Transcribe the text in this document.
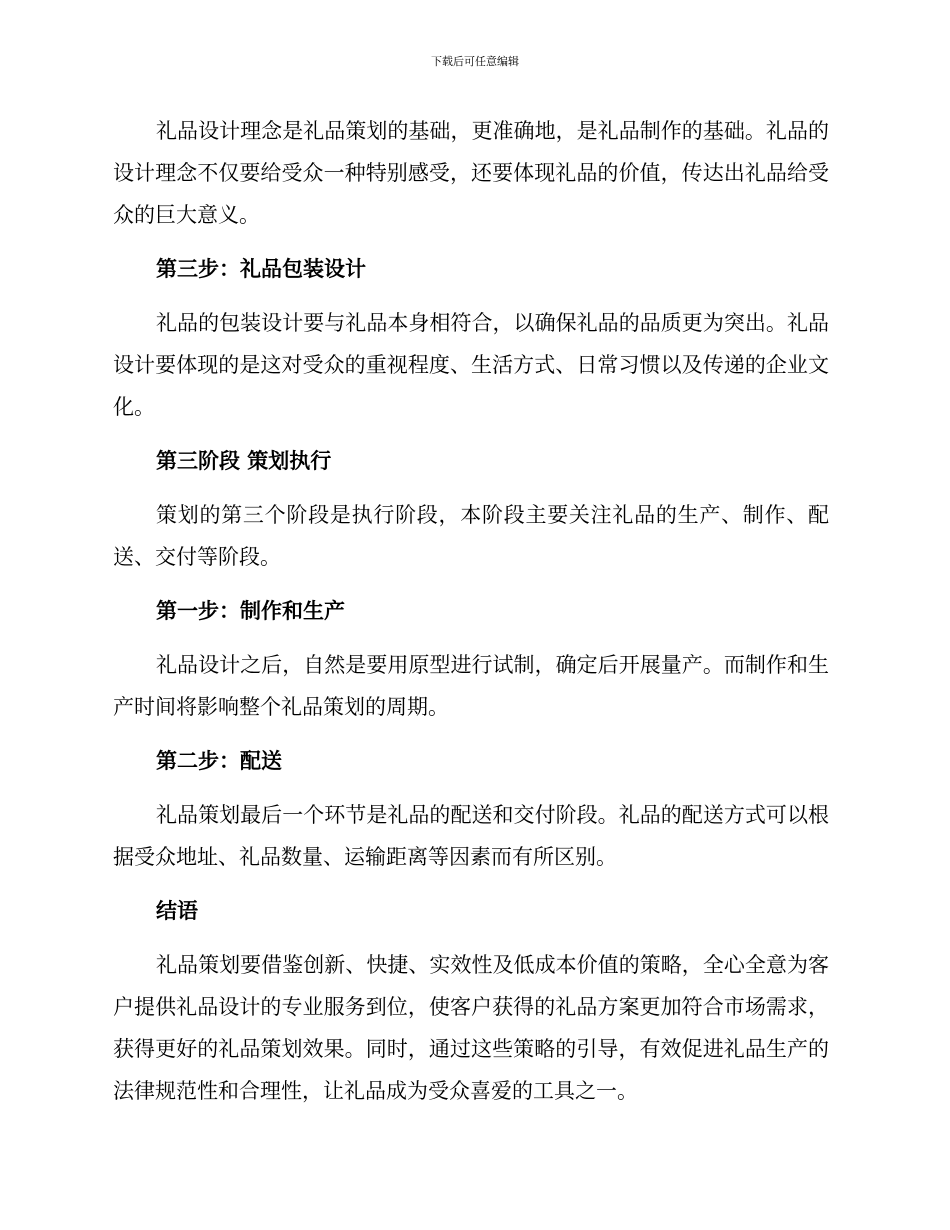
下载后可任意编辑

礼品设计理念是礼品策划的基础，更准确地，是礼品制作的基础。礼品的设计理念不仅要给受众一种特别感受，还要体现礼品的价值，传达出礼品给受众的巨大意义。

第三步：礼品包装设计

礼品的包装设计要与礼品本身相符合，以确保礼品的品质更为突出。礼品设计要体现的是这对受众的重视程度、生活方式、日常习惯以及传递的企业文化。

第三阶段 策划执行

策划的第三个阶段是执行阶段，本阶段主要关注礼品的生产、制作、配送、交付等阶段。

第一步：制作和生产

礼品设计之后，自然是要用原型进行试制，确定后开展量产。而制作和生产时间将影响整个礼品策划的周期。

第二步：配送

礼品策划最后一个环节是礼品的配送和交付阶段。礼品的配送方式可以根据受众地址、礼品数量、运输距离等因素而有所区别。

结语

礼品策划要借鉴创新、快捷、实效性及低成本价值的策略，全心全意为客户提供礼品设计的专业服务到位，使客户获得的礼品方案更加符合市场需求，获得更好的礼品策划效果。同时，通过这些策略的引导，有效促进礼品生产的法律规范性和合理性，让礼品成为受众喜爱的工具之一。
